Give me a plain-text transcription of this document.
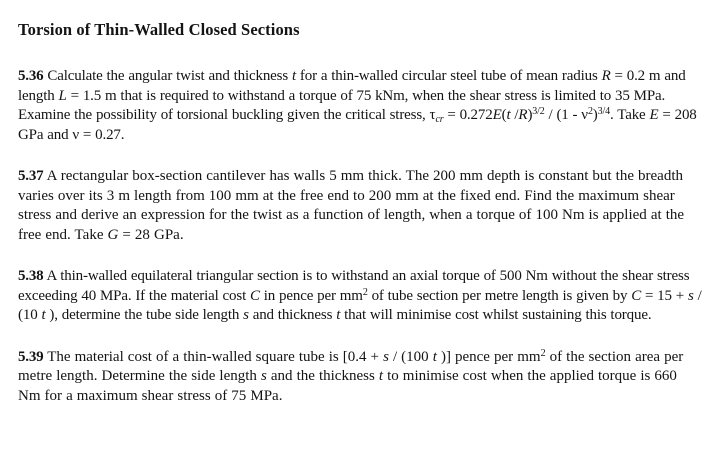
Torsion of Thin-Walled Closed Sections
5.36 Calculate the angular twist and thickness t for a thin-walled circular steel tube of mean radius R = 0.2 m and length L = 1.5 m that is required to withstand a torque of 75 kNm, when the shear stress is limited to 35 MPa. Examine the possibility of torsional buckling given the critical stress, $\tau_{cr} = 0.272E(t$ $/R)^{3/2} / (1 - \nu^2)^{3/4}$. Take E = 208 GPa and ν = 0.27.
5.37 A rectangular box-section cantilever has walls 5 mm thick. The 200 mm depth is constant but the breadth varies over its 3 m length from 100 mm at the free end to 200 mm at the fixed end. Find the maximum shear stress and derive an expression for the twist as a function of length, when a torque of 100 Nm is applied at the free end. Take G = 28 GPa.
5.38 A thin-walled equilateral triangular section is to withstand an axial torque of 500 Nm without the shear stress exceeding 40 MPa. If the material cost C in pence per $mm^2$ of tube section per metre length is given by C = 15 + s / (10 t ), determine the tube side length s and thickness t that will minimise cost whilst sustaining this torque.
5.39 The material cost of a thin-walled square tube is [0.4 + s / (100 t )] pence per $mm^2$ of the section area per metre length. Determine the side length s and the thickness t to minimise cost when the applied torque is 660 Nm for a maximum shear stress of 75 MPa.
